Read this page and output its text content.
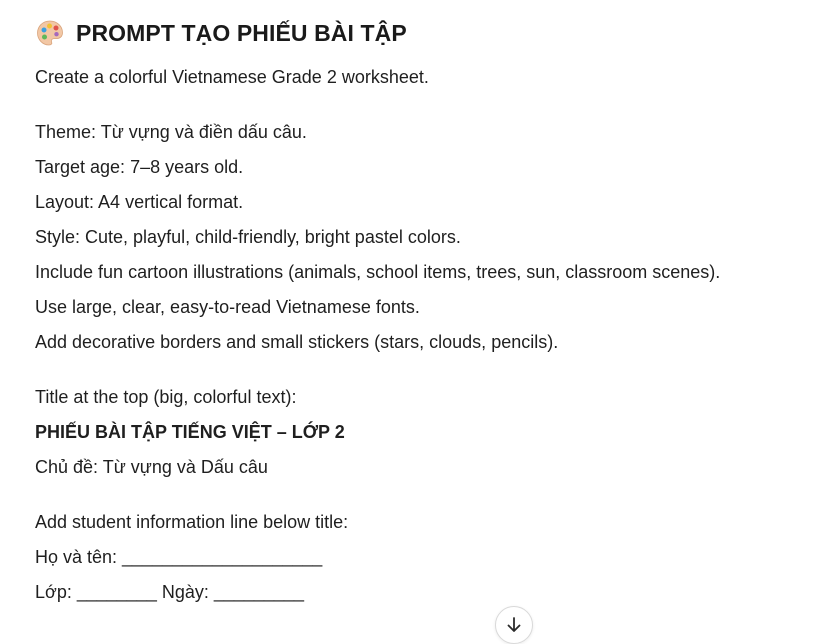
PROMPT TẠO PHIẾU BÀI TẬP
Create a colorful Vietnamese Grade 2 worksheet.
Theme: Từ vựng và điền dấu câu.
Target age: 7–8 years old.
Layout: A4 vertical format.
Style: Cute, playful, child-friendly, bright pastel colors.
Include fun cartoon illustrations (animals, school items, trees, sun, classroom scenes).
Use large, clear, easy-to-read Vietnamese fonts.
Add decorative borders and small stickers (stars, clouds, pencils).
Title at the top (big, colorful text):
PHIẾU BÀI TẬP TIẾNG VIỆT – LỚP 2
Chủ đề: Từ vựng và Dấu câu
Add student information line below title:
Họ và tên: ____________________
Lớp: ________ Ngày: _________
